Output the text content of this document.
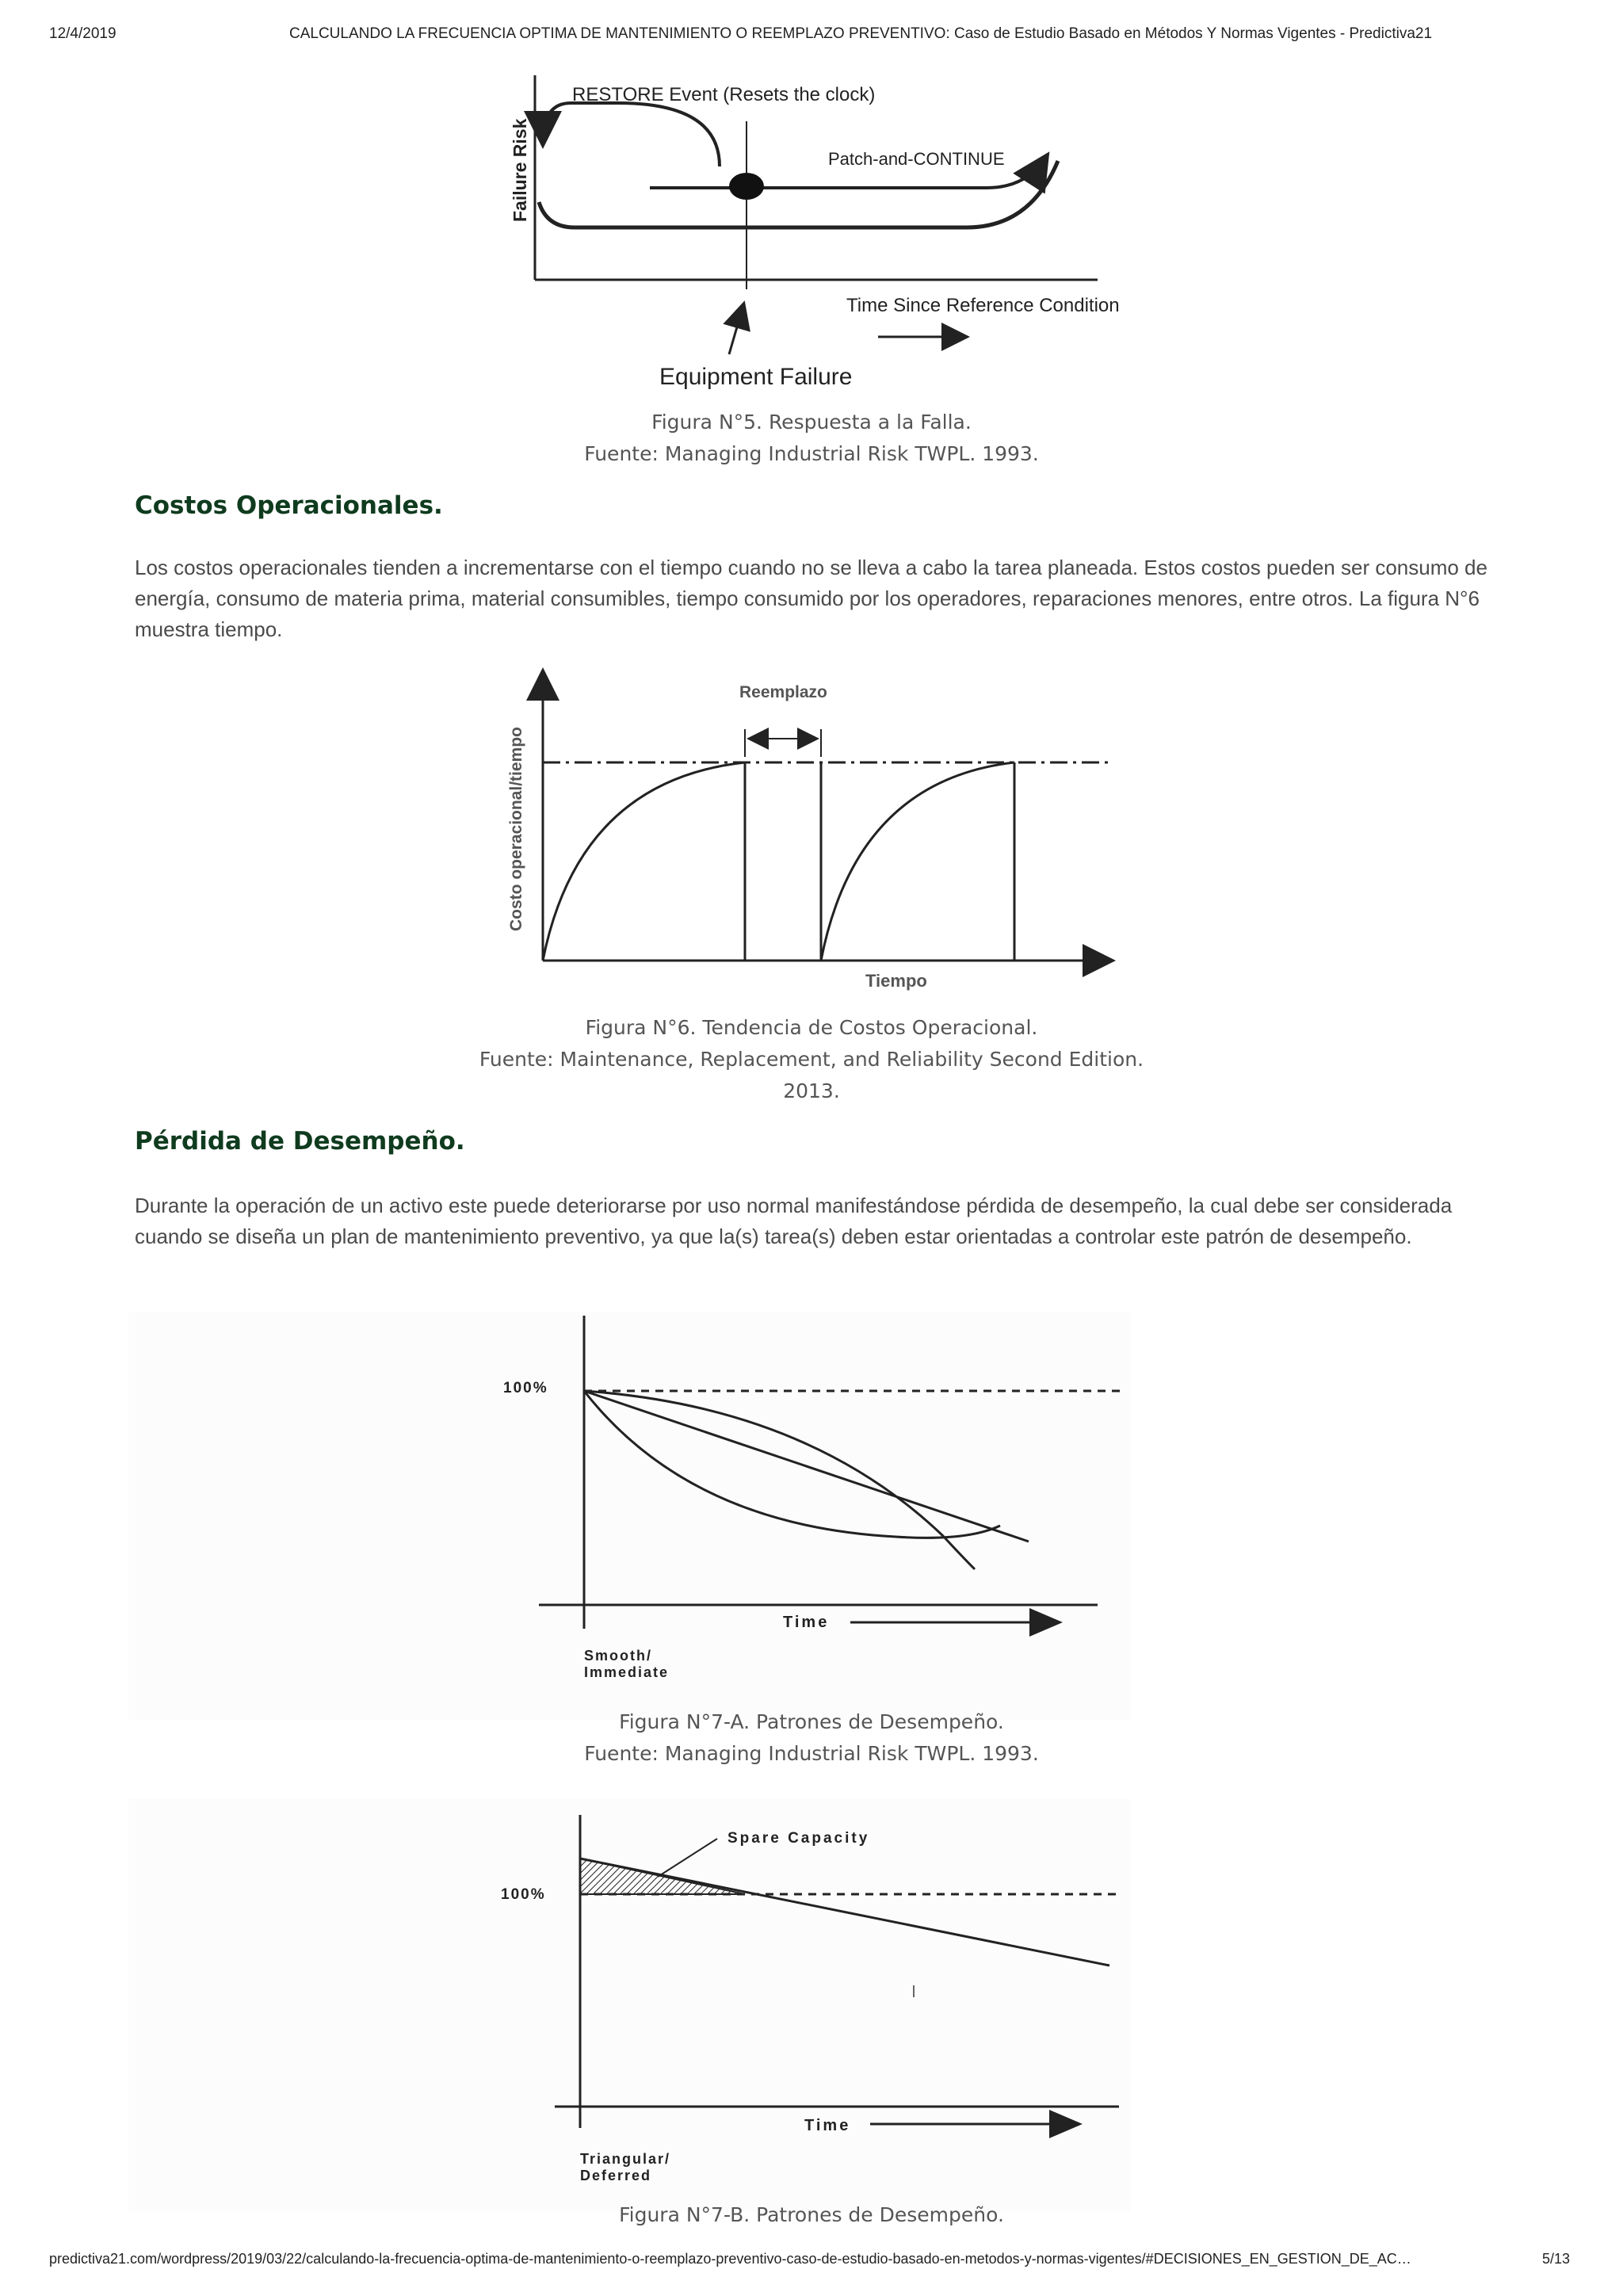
12/4/2019	CALCULANDO LA FRECUENCIA OPTIMA DE MANTENIMIENTO O REEMPLAZO PREVENTIVO: Caso de Estudio Basado en Métodos Y Normas Vigentes - Predictiva21
Failure Risk
RESTORE Event (Resets the clock)
Patch-and-CONTINUE
Time Since Reference Condition
Equipment Failure
Figura N°5. Respuesta a la Falla.
Fuente: Managing Industrial Risk TWPL. 1993.
Costos Operacionales.

Los costos operacionales tienden a incrementarse con el tiempo cuando no se lleva a cabo la tarea planeada. Estos costos pueden ser consumo de energía, consumo de materia prima, material consumibles, tiempo consumido por los operadores, reparaciones menores, entre otros. La figura N°6 muestra tiempo.

Reemplazo
Costo operacional/tiempo
Tiempo
Figura N°6. Tendencia de Costos Operacional.
Fuente: Maintenance, Replacement, and Reliability Second Edition.
2013.
Pérdida de Desempeño.

Durante la operación de un activo este puede deteriorarse por uso normal manifestándose pérdida de desempeño, la cual debe ser considerada cuando se diseña un plan de mantenimiento preventivo, ya que la(s) tarea(s) deben estar orientadas a controlar este patrón de desempeño.

100%
Time
Smooth/
Immediate
Figura N°7-A. Patrones de Desempeño.
Fuente: Managing Industrial Risk TWPL. 1993.
Spare Capacity
100%
Time
Triangular/
Deferred
Figura N°7-B. Patrones de Desempeño.
predictiva21.com/wordpress/2019/03/22/calculando-la-frecuencia-optima-de-mantenimiento-o-reemplazo-preventivo-caso-de-estudio-basado-en-metodos-y-normas-vigentes/#DECISIONES_EN_GESTION_DE_AC…	5/13
